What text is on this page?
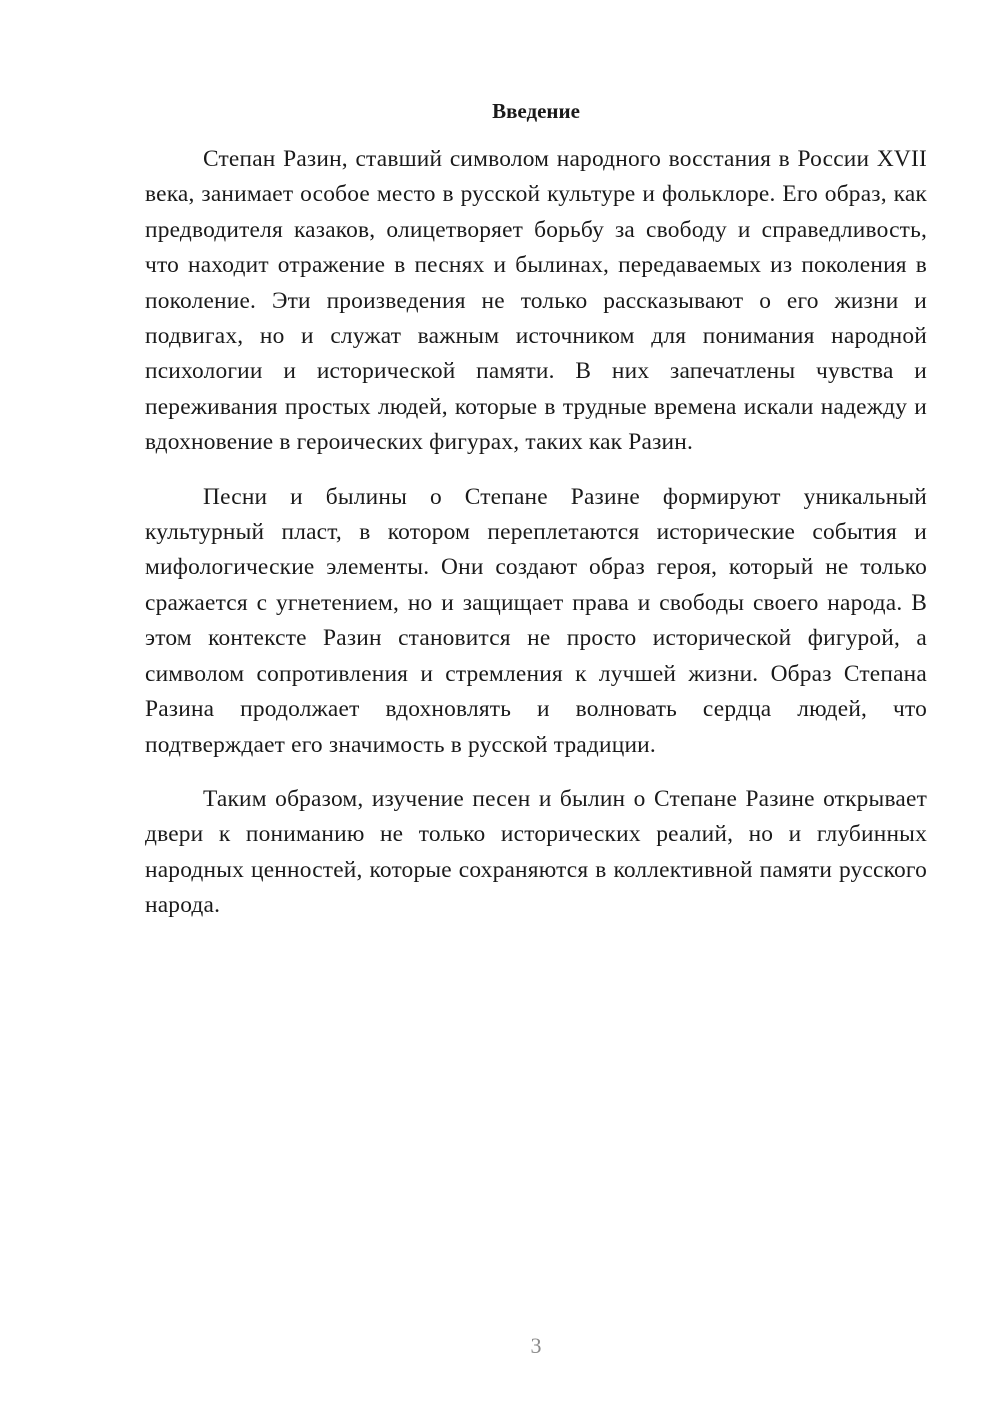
Введение

Степан Разин, ставший символом народного восстания в России XVII века, занимает особое место в русской культуре и фольклоре. Его образ, как предводителя казаков, олицетворяет борьбу за свободу и справедливость, что находит отражение в песнях и былинах, передаваемых из поколения в поколение. Эти произведения не только рассказывают о его жизни и подвигах, но и служат важным источником для понимания народной психологии и исторической памяти. В них запечатлены чувства и переживания простых людей, которые в трудные времена искали надежду и вдохновение в героических фигурах, таких как Разин.

Песни и былины о Степане Разине формируют уникальный культурный пласт, в котором переплетаются исторические события и мифологические элементы. Они создают образ героя, который не только сражается с угнетением, но и защищает права и свободы своего народа. В этом контексте Разин становится не просто исторической фигурой, а символом сопротивления и стремления к лучшей жизни. Образ Степана Разина продолжает вдохновлять и волновать сердца людей, что подтверждает его значимость в русской традиции.

Таким образом, изучение песен и былин о Степане Разине открывает двери к пониманию не только исторических реалий, но и глубинных народных ценностей, которые сохраняются в коллективной памяти русского народа.

3
